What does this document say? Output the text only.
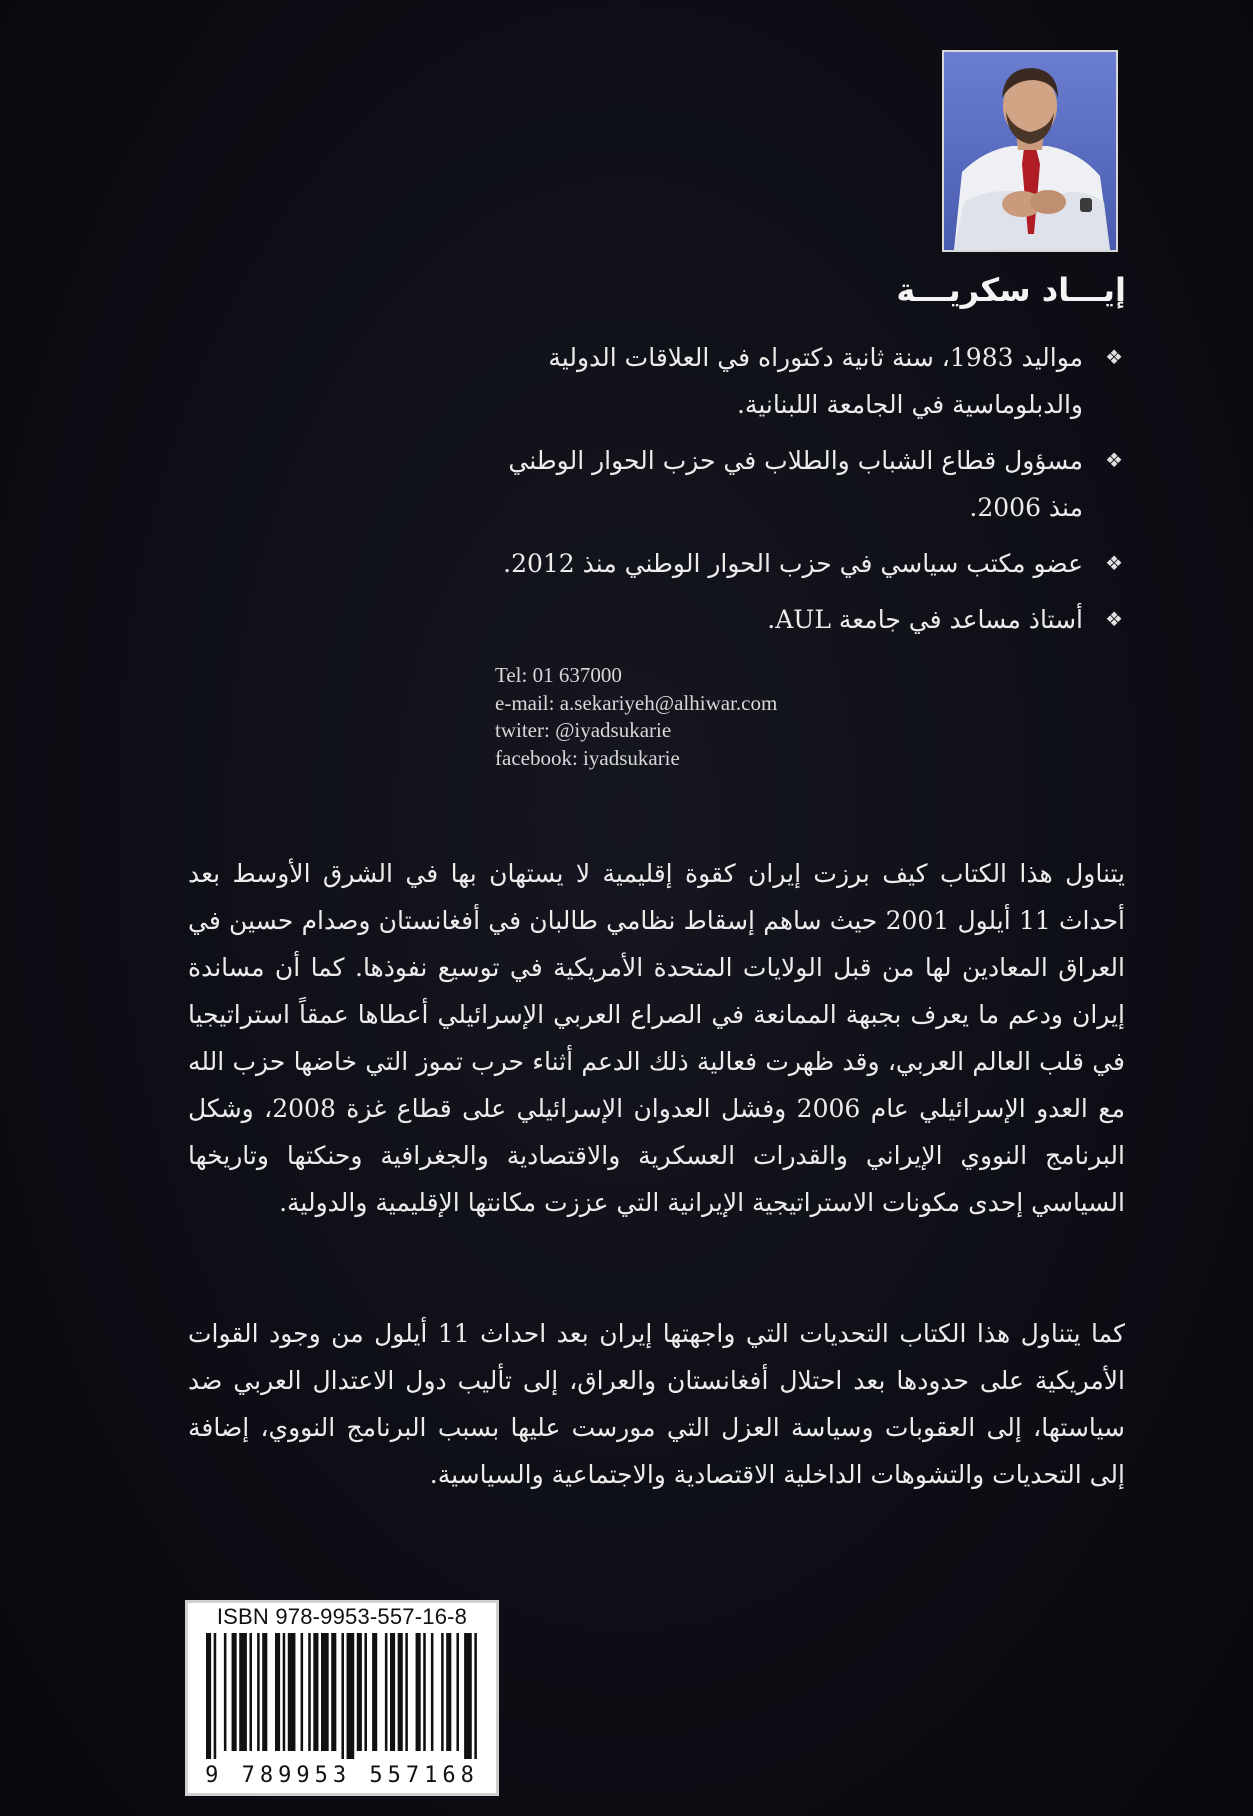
إيـــاد سكريـــة
❖
مواليد 1983، سنة ثانية دكتوراه في العلاقات الدولية والدبلوماسية في الجامعة اللبنانية.
❖
مسؤول قطاع الشباب والطلاب في حزب الحوار الوطني منذ 2006.
❖
عضو مكتب سياسي في حزب الحوار الوطني منذ 2012.
❖
أستاذ مساعد في جامعة AUL.
Tel: 01 637000
e-mail: a.sekariyeh@alhiwar.com
twiter: @iyadsukarie
facebook: iyadsukarie

يتناول هذا الكتاب كيف برزت إيران كقوة إقليمية لا يستهان بها في الشرق الأوسط بعد أحداث 11 أيلول 2001 حيث ساهم إسقاط نظامي طالبان في أفغانستان وصدام حسين في العراق المعادين لها من قبل الولايات المتحدة الأمريكية في توسيع نفوذها. كما أن مساندة إيران ودعم ما يعرف بجبهة الممانعة في الصراع العربي الإسرائيلي أعطاها عمقاً استراتيجيا في قلب العالم العربي، وقد ظهرت فعالية ذلك الدعم أثناء حرب تموز التي خاضها حزب الله مع العدو الإسرائيلي عام 2006 وفشل العدوان الإسرائيلي على قطاع غزة 2008، وشكل البرنامج النووي الإيراني والقدرات العسكرية والاقتصادية والجغرافية وحنكتها وتاريخها السياسي إحدى مكونات الاستراتيجية الإيرانية التي عززت مكانتها الإقليمية والدولية.

كما يتناول هذا الكتاب التحديات التي واجهتها إيران بعد احداث 11 أيلول من وجود القوات الأمريكية على حدودها بعد احتلال أفغانستان والعراق، إلى تأليب دول الاعتدال العربي ضد سياستها، إلى العقوبات وسياسة العزل التي مورست عليها بسبب البرنامج النووي، إضافة إلى التحديات والتشوهات الداخلية الاقتصادية والاجتماعية والسياسية.

ISBN 978-9953-557-16-8
9 789953 557168
